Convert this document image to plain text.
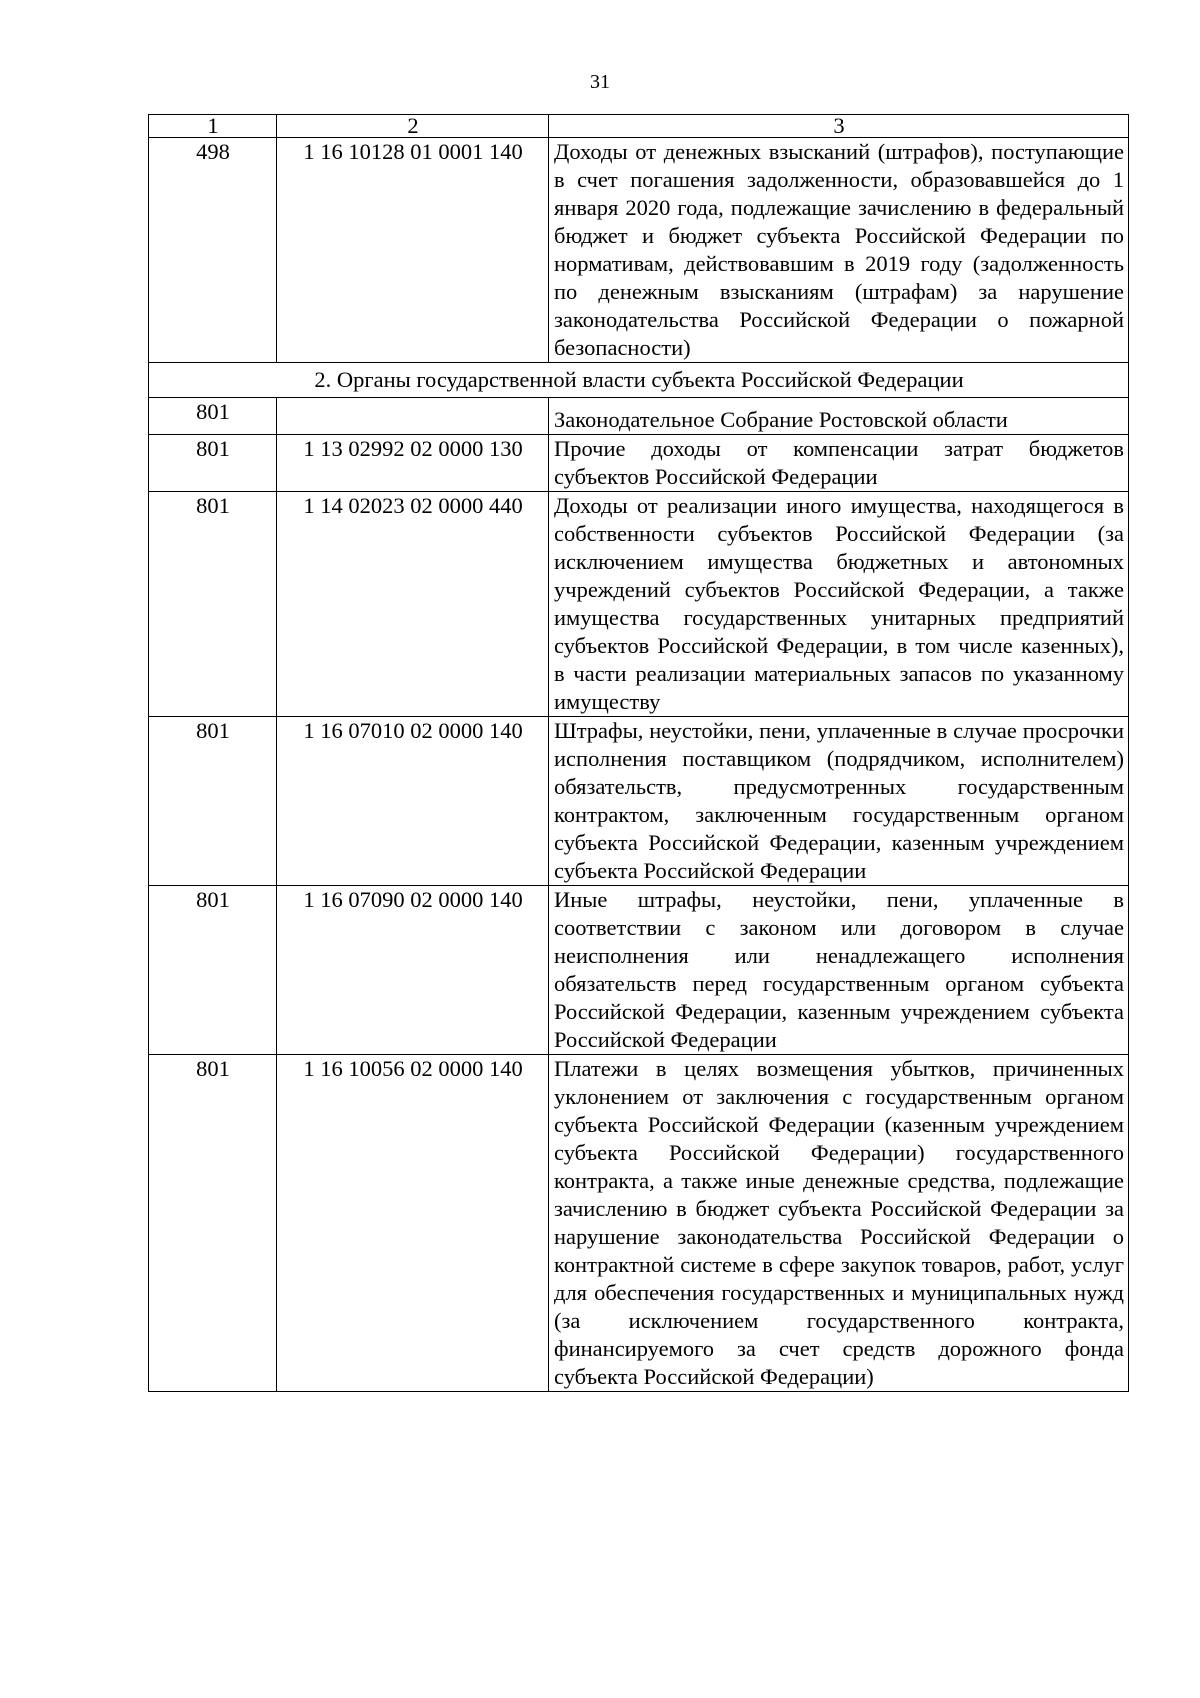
31
1	2	3
498	1 16 10128 01 0001 140	Доходы от денежных взысканий (штрафов), поступающие в счет погашения задолженности, образовавшейся до 1 января 2020 года, подлежащие зачислению в федеральный бюджет и бюджет субъекта Российской Федерации по нормативам, действовавшим в 2019 году (задолженность по денежным взысканиям (штрафам) за нарушение законодательства Российской Федерации о пожарной безопасности)
2. Органы государственной власти субъекта Российской Федерации		
801		Законодательное Собрание Ростовской области
801	1 13 02992 02 0000 130	Прочие доходы от компенсации затрат бюджетов субъектов Российской Федерации
801	1 14 02023 02 0000 440	Доходы от реализации иного имущества, находящегося в собственности субъектов Российской Федерации (за исключением имущества бюджетных и автономных учреждений субъектов Российской Федерации, а также имущества государственных унитарных предприятий субъектов Российской Федерации, в том числе казенных), в части реализации материальных запасов по указанному имуществу
801	1 16 07010 02 0000 140	Штрафы, неустойки, пени, уплаченные в случае просрочки исполнения поставщиком (подрядчиком, исполнителем) обязательств, предусмотренных государственным контрактом, заключенным государственным органом субъекта Российской Федерации, казенным учреждением субъекта Российской Федерации
801	1 16 07090 02 0000 140	Иные штрафы, неустойки, пени, уплаченные в соответствии с законом или договором в случае неисполнения или ненадлежащего исполнения обязательств перед государственным органом субъекта Российской Федерации, казенным учреждением субъекта Российской Федерации
801	1 16 10056 02 0000 140	Платежи в целях возмещения убытков, причиненных уклонением от заключения с государственным органом субъекта Российской Федерации (казенным учреждением субъекта Российской Федерации) государственного контракта, а также иные денежные средства, подлежащие зачислению в бюджет субъекта Российской Федерации за нарушение законодательства Российской Федерации о контрактной системе в сфере закупок товаров, работ, услуг для обеспечения государственных и муниципальных нужд (за исключением государственного контракта, финансируемого за счет средств дорожного фонда субъекта Российской Федерации)
